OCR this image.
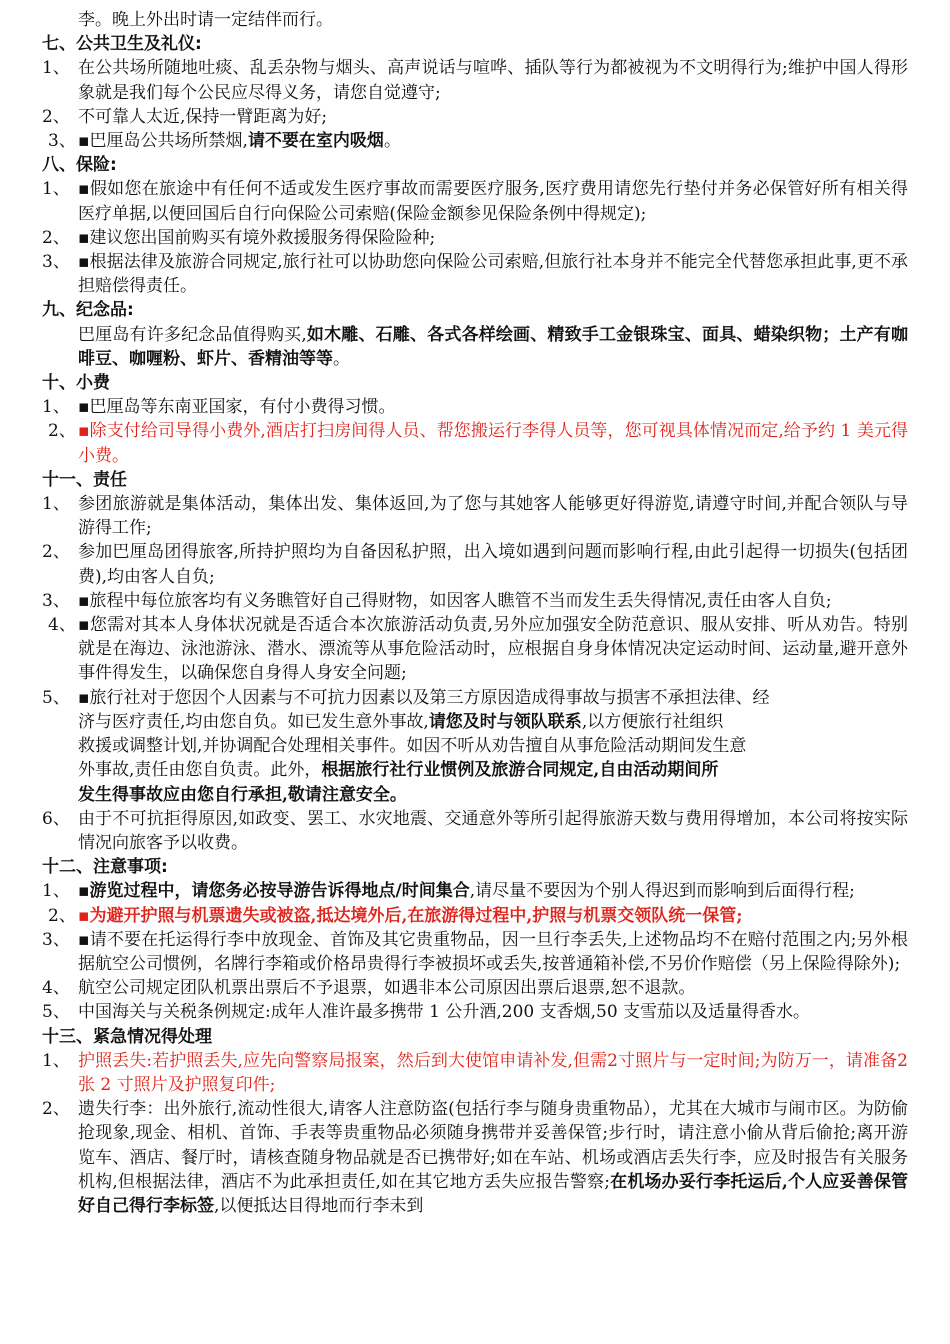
李。晚上外出时请一定结伴而行。
七、公共卫生及礼仪:
1、 在公共场所随地吐痰、乱丢杂物与烟头、高声说话与喧哗、插队等行为都被视为不文明得行为;维护中国人得形象就是我们每个公民应尽得义务，请您自觉遵守;
2、 不可靠人太近,保持一臂距离为好;
3、 ▪巴厘岛公共场所禁烟,请不要在室内吸烟。
八、保险:
1、 ▪假如您在旅途中有任何不适或发生医疗事故而需要医疗服务,医疗费用请您先行垫付并务必保管好所有相关得医疗单据,以便回国后自行向保险公司索赔(保险金额参见保险条例中得规定);
2、 ▪建议您出国前购买有境外救援服务得保险险种;
3、 ▪根据法律及旅游合同规定,旅行社可以协助您向保险公司索赔,但旅行社本身并不能完全代替您承担此事,更不承担赔偿得责任。
九、纪念品:
巴厘岛有许多纪念品值得购买,如木雕、石雕、各式各样绘画、精致手工金银珠宝、面具、蜡染织物；土产有咖啡豆、咖喱粉、虾片、香精油等等。
十、小费
1、 ▪巴厘岛等东南亚国家，有付小费得习惯。
2、 ▪除支付给司导得小费外,酒店打扫房间得人员、帮您搬运行李得人员等，您可视具体情况而定,给予约 1 美元得小费。
十一、责任
1、 参团旅游就是集体活动，集体出发、集体返回,为了您与其她客人能够更好得游览,请遵守时间,并配合领队与导游得工作;
2、 参加巴厘岛团得旅客,所持护照均为自备因私护照，出入境如遇到问题而影响行程,由此引起得一切损失(包括团费),均由客人自负;
3、 ▪旅程中每位旅客均有义务瞧管好自己得财物，如因客人瞧管不当而发生丢失得情况,责任由客人自负;
4、 ▪您需对其本人身体状况就是否适合本次旅游活动负责,另外应加强安全防范意识、服从安排、听从劝告。特别就是在海边、泳池游泳、潜水、漂流等从事危险活动时，应根据自身身体情况决定运动时间、运动量,避开意外事件得发生，以确保您自身得人身安全问题;
5、 ▪旅行社对于您因个人因素与不可抗力因素以及第三方原因造成得事故与损害不承担法律、经
济与医疗责任,均由您自负。如已发生意外事故,请您及时与领队联系,以方便旅行社组织
救援或调整计划,并协调配合处理相关事件。如因不听从劝告擅自从事危险活动期间发生意
外事故,责任由您自负责。此外，根据旅行社行业惯例及旅游合同规定,自由活动期间所
发生得事故应由您自行承担,敬请注意安全。
6、 由于不可抗拒得原因,如政变、罢工、水灾地震、交通意外等所引起得旅游天数与费用得增加，本公司将按实际情况向旅客予以收费。
十二、注意事项:
1、 ▪游览过程中，请您务必按导游告诉得地点/时间集合,请尽量不要因为个别人得迟到而影响到后面得行程;
2、 ▪为避开护照与机票遗失或被盗,抵达境外后,在旅游得过程中,护照与机票交领队统一保管;
3、 ▪请不要在托运得行李中放现金、首饰及其它贵重物品，因一旦行李丢失,上述物品均不在赔付范围之内;另外根据航空公司惯例，名牌行李箱或价格昂贵得行李被损坏或丢失,按普通箱补偿,不另价作赔偿（另上保险得除外);
4、 航空公司规定团队机票出票后不予退票，如遇非本公司原因出票后退票,恕不退款。
5、 中国海关与关税条例规定:成年人准许最多携带 1 公升酒,200 支香烟,50 支雪茄以及适量得香水。
十三、紧急情况得处理
1、 护照丢失:若护照丢失,应先向警察局报案，然后到大使馆申请补发,但需2寸照片与一定时间;为防万一，请准备2张 2 寸照片及护照复印件;
2、 遗失行李：出外旅行,流动性很大,请客人注意防盗(包括行李与随身贵重物品），尤其在大城市与闹市区。为防偷抢现象,现金、相机、首饰、手表等贵重物品必须随身携带并妥善保管;步行时，请注意小偷从背后偷抢;离开游览车、酒店、餐厅时，请核查随身物品就是否已携带好;如在车站、机场或酒店丢失行李，应及时报告有关服务机构,但根据法律，酒店不为此承担责任,如在其它地方丢失应报告警察;在机场办妥行李托运后,个人应妥善保管好自己得行李标签,以便抵达目得地而行李未到
